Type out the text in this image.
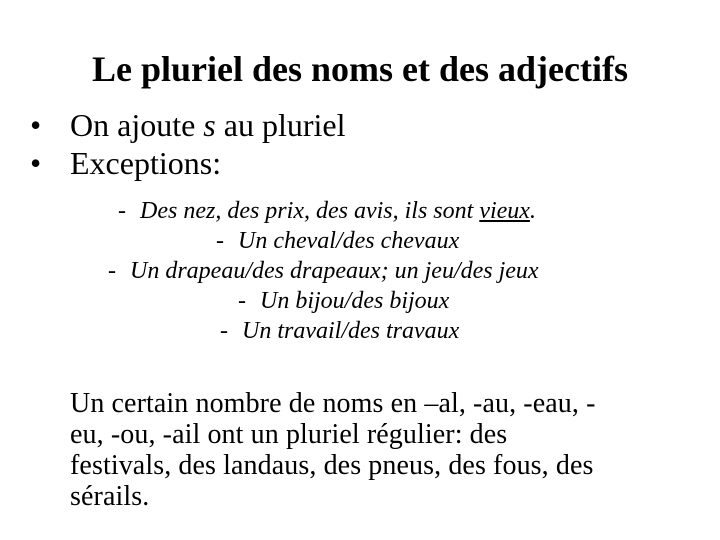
Le pluriel des noms et des adjectifs
• On ajoute s au pluriel
• Exceptions:
- Des nez, des prix, des avis, ils sont vieux.
- Un cheval/des chevaux
- Un drapeau/des drapeaux; un jeu/des jeux
- Un bijou/des bijoux
- Un travail/des travaux
Un certain nombre de noms en –al, -au, -eau, -
eu, -ou, -ail ont un pluriel régulier: des
festivals, des landaus, des pneus, des fous, des
sérails.
